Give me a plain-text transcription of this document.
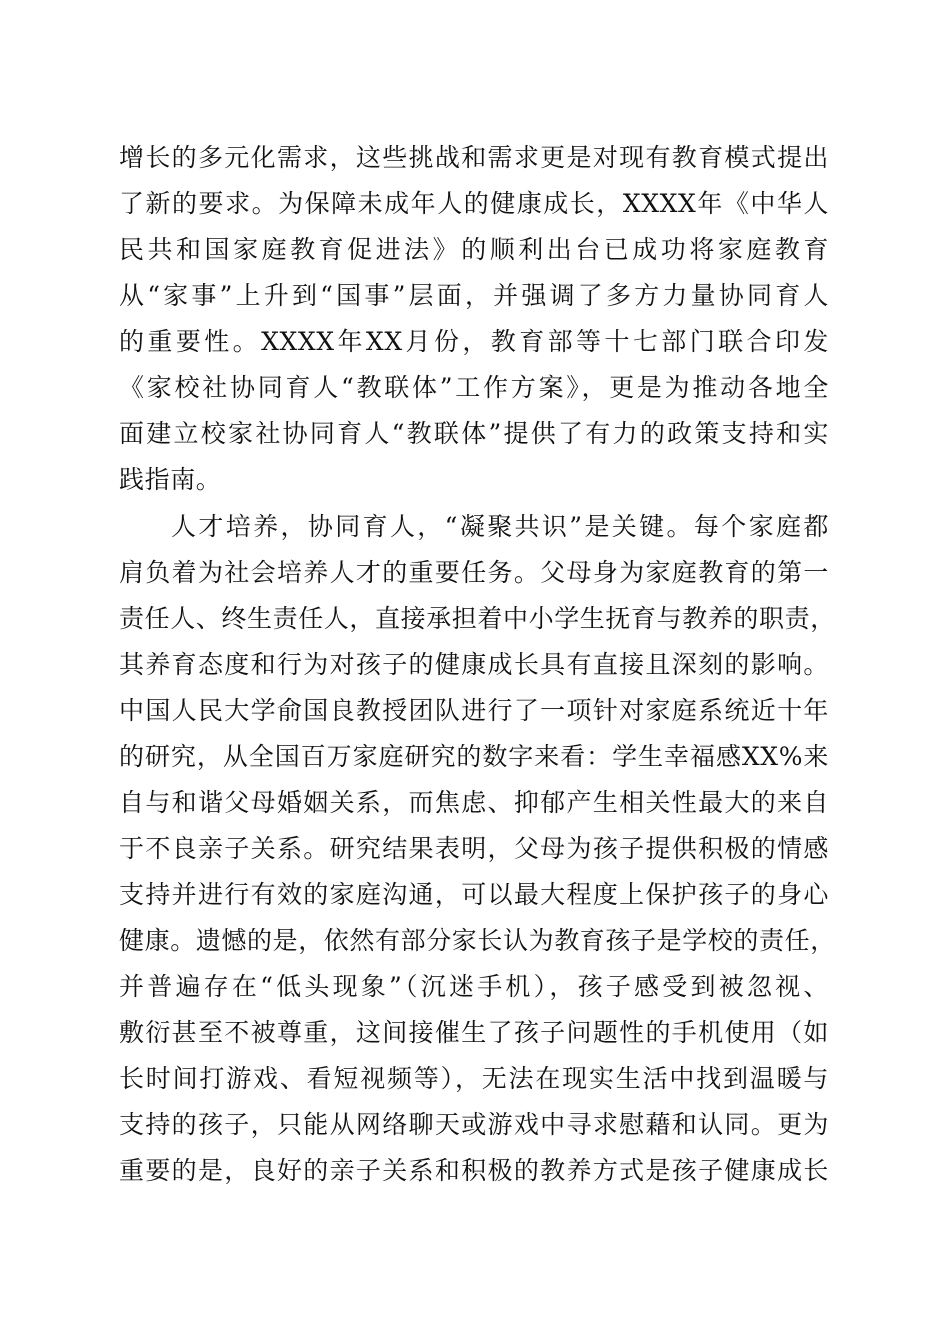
增长的多元化需求，这些挑战和需求更是对现有教育模式提出
了新的要求。为保障未成年人的健康成长，XXXX年《中华人
民共和国家庭教育促进法》的顺利出台已成功将家庭教育
从“家事”上升到“国事”层面，并强调了多方力量协同育人
的重要性。XXXX年XX月份，教育部等十七部门联合印发
《家校社协同育人“教联体”工作方案》，更是为推动各地全
面建立校家社协同育人“教联体”提供了有力的政策支持和实
践指南。
人才培养，协同育人，“凝聚共识”是关键。每个家庭都
肩负着为社会培养人才的重要任务。父母身为家庭教育的第一
责任人、终生责任人，直接承担着中小学生抚育与教养的职责，
其养育态度和行为对孩子的健康成长具有直接且深刻的影响。
中国人民大学俞国良教授团队进行了一项针对家庭系统近十年
的研究，从全国百万家庭研究的数字来看：学生幸福感XX%来
自与和谐父母婚姻关系，而焦虑、抑郁产生相关性最大的来自
于不良亲子关系。研究结果表明，父母为孩子提供积极的情感
支持并进行有效的家庭沟通，可以最大程度上保护孩子的身心
健康。遗憾的是，依然有部分家长认为教育孩子是学校的责任，
并普遍存在“低头现象”（沉迷手机），孩子感受到被忽视、
敷衍甚至不被尊重，这间接催生了孩子问题性的手机使用（如
长时间打游戏、看短视频等），无法在现实生活中找到温暖与
支持的孩子，只能从网络聊天或游戏中寻求慰藉和认同。更为
重要的是，良好的亲子关系和积极的教养方式是孩子健康成长
